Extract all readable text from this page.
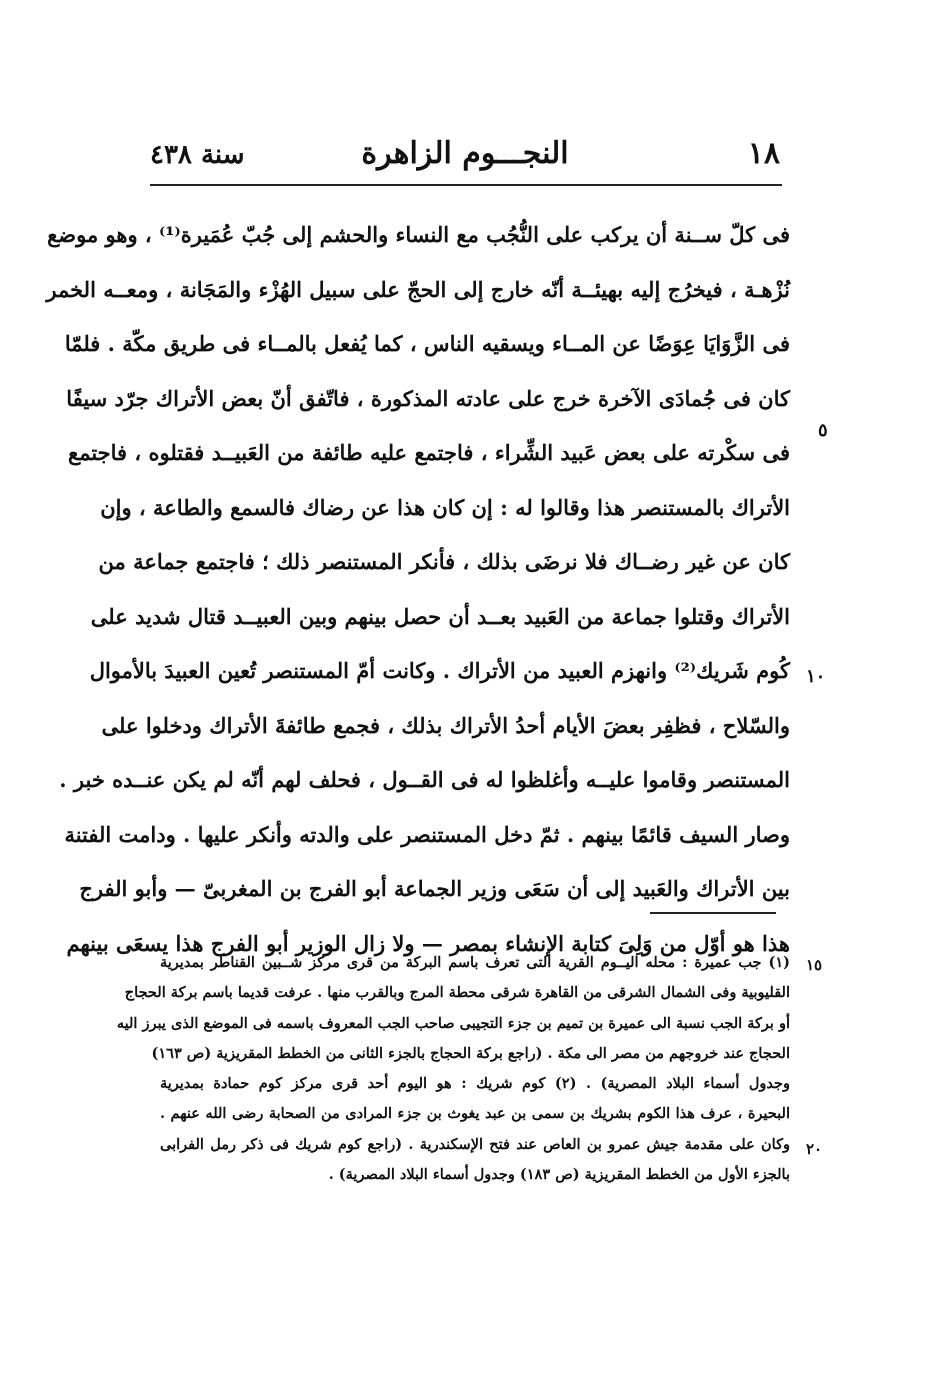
١٨
النجـــوم الزاهرة
سنة ٤٣٨
فى كلّ ســنة أن يركب على النُّجُب مع النساء والحشم إلى جُبّ عُمَيرة⁽¹⁾ ، وهو موضع
نُزْهـة ، فيخرُج إليه بهيئــة أنّه خارج إلى الحجّ على سبيل الهُزْء والمَجَانة ، ومعــه الخمر
فى الزَّوَايَا عِوَضًا عن المــاء ويسقيه الناس ، كما يُفعل بالمــاء فى طريق مكّة . فلمّا
كان فى جُمادَى الآخرة خرج على عادته المذكورة ، فاتّفق أنّ بعض الأتراك جرّد سيفًا
فى سكْرته على بعض عَبيد الشِّراء ، فاجتمع عليه طائفة من العَبيــد فقتلوه ، فاجتمع
الأتراك بالمستنصر هذا وقالوا له : إن كان هذا عن رضاك فالسمع والطاعة ، وإن
كان عن غير رضــاك فلا نرضَى بذلك ، فأنكر المستنصر ذلك ؛ فاجتمع جماعة من
الأتراك وقتلوا جماعة من العَبيد بعــد أن حصل بينهم وبين العبيــد قتال شديد على
كُوم شَريك⁽²⁾ وانهزم العبيد من الأتراك . وكانت أمّ المستنصر تُعين العبيدَ بالأموال
والسّلاح ، فظفِر بعضَ الأيام أحدُ الأتراك بذلك ، فجمع طائفةَ الأتراك ودخلوا على
المستنصر وقاموا عليــه وأغلظوا له فى القــول ، فحلف لهم أنّه لم يكن عنــده خبر .
وصار السيف قائمًا بينهم . ثمّ دخل المستنصر على والدته وأنكر عليها . ودامت الفتنة
بين الأتراك والعَبيد إلى أن سَعَى وزير الجماعة أبو الفرج بن المغربىّ — وأبو الفرج
هذا هو أوّل من وَلِىَ كتابة الإنشاء بمصر — ولا زال الوزير أبو الفرج هذا يسعَى بينهم
٥
١٠
(١) جب عميرة : محله اليــوم القرية التى تعرف باسم البركة من قرى مركز شــبين القناطر بمديرية
القليوبية وفى الشمال الشرقى من القاهرة شرقى محطة المرج وبالقرب منها . عرفت قديما باسم بركة الحجاج
أو بركة الجب نسبة الى عميرة بن تميم بن جزء التجيبى صاحب الجب المعروف باسمه فى الموضع الذى يبرز اليه
الحجاج عند خروجهم من مصر الى مكة . (راجع بركة الحجاج بالجزء الثانى من الخطط المقريزية (ص ١٦٣)
وجدول أسماء البلاد المصرية) . (٢) كوم شريك : هو اليوم أحد قرى مركز كوم حمادة بمديرية
البحيرة ، عرف هذا الكوم بشريك بن سمى بن عبد يغوث بن جزء المرادى من الصحابة رضى الله عنهم .
وكان على مقدمة جيش عمرو بن العاص عند فتح الإسكندرية . (راجع كوم شريك فى ذكر رمل الفرابى
بالجزء الأول من الخطط المقريزية (ص ١٨٣) وجدول أسماء البلاد المصرية) .
١٥
٢٠
